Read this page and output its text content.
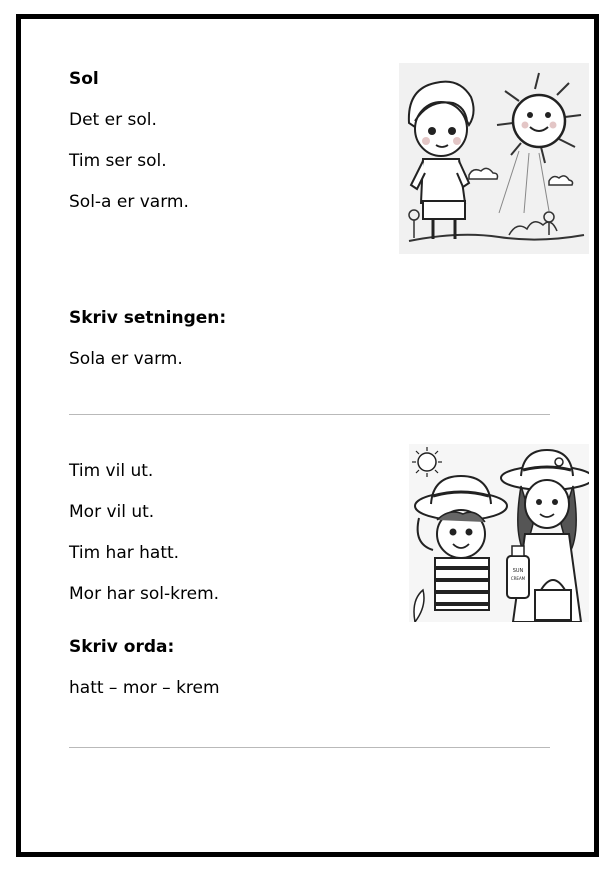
Sol

Det er sol.

Tim ser sol.

Sol-a er varm.

Skriv setningen:

Sola er varm.

Tim vil ut.

Mor vil ut.

Tim har hatt.

Mor har sol-krem.

SUN
CREAM

Skriv orda:

hatt – mor – krem
